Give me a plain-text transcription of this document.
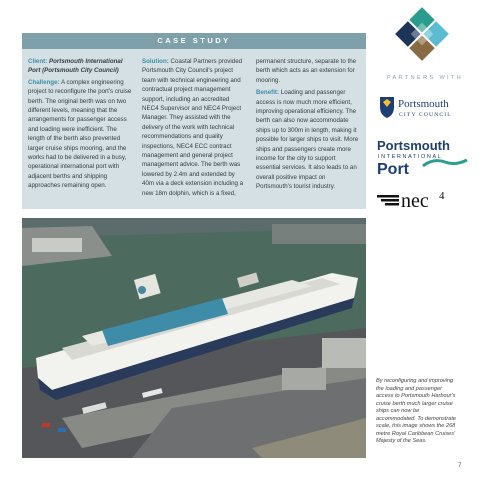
CASE STUDY
Client: Portsmouth International Port (Portsmouth City Council)
Challenge: A complex engineering project to reconfigure the port's cruise berth. The original berth was on two different levels, meaning that the arrangements for passenger access and loading were inefficient. The length of the berth also prevented larger cruise ships mooring, and the works had to be delivered in a busy, operational international port with adjacent berths and shipping approaches remaining open.
Solution: Coastal Partners provided Portsmouth City Council's project team with technical engineering and contractual project management support, including an accredited NEC4 Supervisor and NEC4 Project Manager. They assisted with the delivery of the work with technical recommendations and quality inspections, NEC4 ECC contract management and general project management advice. The berth was lowered by 2.4m and extended by 40m via a deck extension including a new 18m dolphin, which is a fixed,
permanent structure, separate to the berth which acts as an extension for mooring.
Benefit: Loading and passenger access is now much more efficient, improving operational efficiency. The berth can also now accommodate ships up to 300m in length, making it possible for larger ships to visit. More ships and passengers create more income for the city to support essential services. It also leads to an overall positive impact on Portsmouth's tourist industry.
PARTNERS WITH
Portsmouth
CITY COUNCIL
Portsmouth
INTERNATIONAL
Port
nec 4
By reconfiguring and improving the loading and passenger access to Portsmouth Harbour's cruise berth much larger cruise ships can now be accommodated. To demonstrate scale, this image shows the 268 metre Royal Caribbean Cruises' Majesty of the Seas.
7
